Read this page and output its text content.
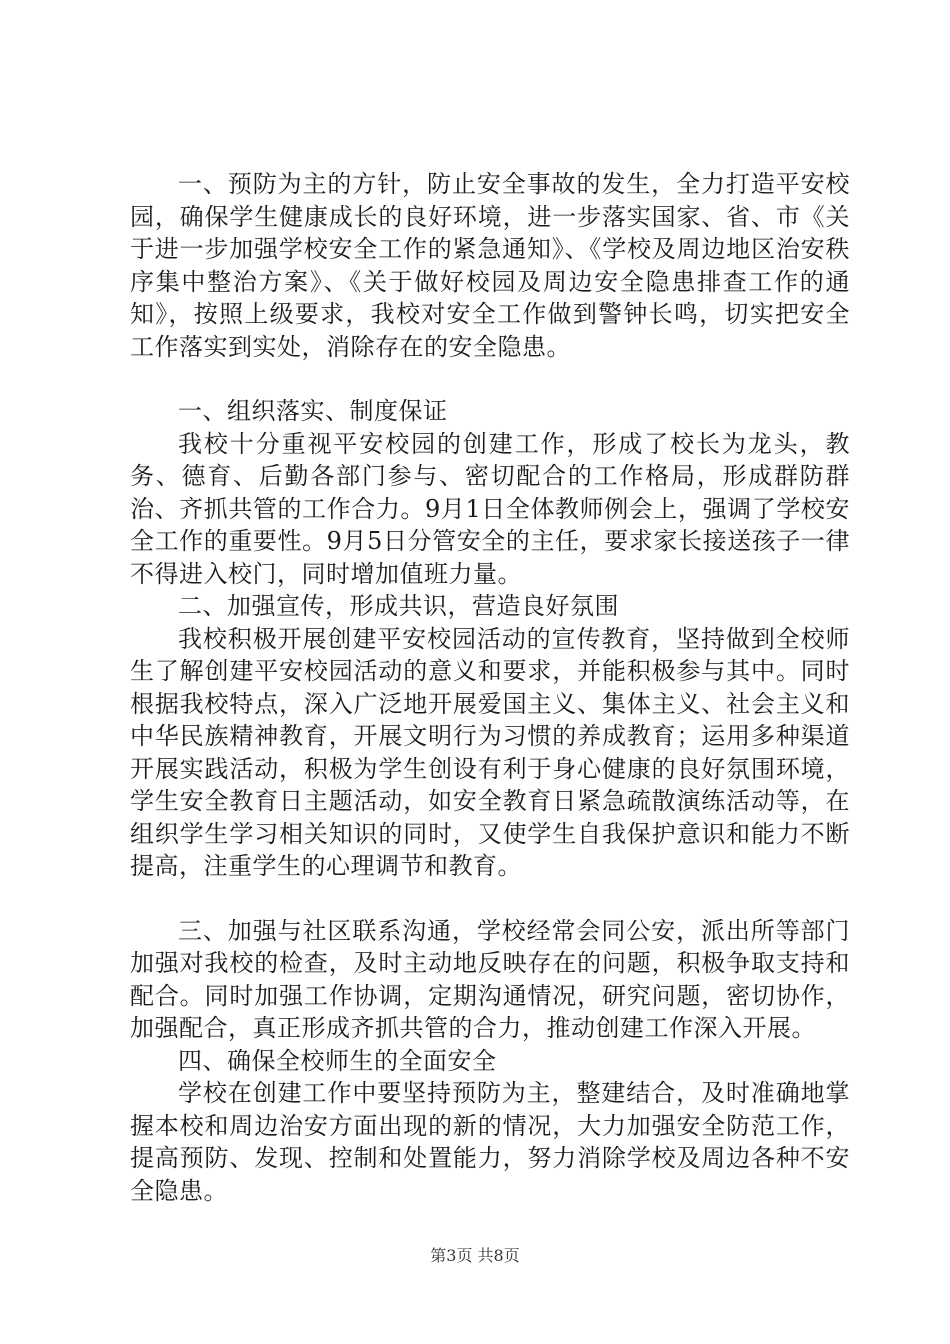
一、预防为主的方针，防止安全事故的发生，全力打造平安校园，确保学生健康成长的良好环境，进一步落实国家、省、市《关于进一步加强学校安全工作的紧急通知》、《学校及周边地区治安秩序集中整治方案》、《关于做好校园及周边安全隐患排查工作的通知》，按照上级要求，我校对安全工作做到警钟长鸣，切实把安全工作落实到实处，消除存在的安全隐患。

一、组织落实、制度保证

我校十分重视平安校园的创建工作，形成了校长为龙头，教务、德育、后勤各部门参与、密切配合的工作格局，形成群防群治、齐抓共管的工作合力。9月1日全体教师例会上，强调了学校安全工作的重要性。9月5日分管安全的主任，要求家长接送孩子一律不得进入校门，同时增加值班力量。

二、加强宣传，形成共识，营造良好氛围

我校积极开展创建平安校园活动的宣传教育，坚持做到全校师生了解创建平安校园活动的意义和要求，并能积极参与其中。同时根据我校特点，深入广泛地开展爱国主义、集体主义、社会主义和中华民族精神教育，开展文明行为习惯的养成教育；运用多种渠道开展实践活动，积极为学生创设有利于身心健康的良好氛围环境，学生安全教育日主题活动，如安全教育日紧急疏散演练活动等，在组织学生学习相关知识的同时，又使学生自我保护意识和能力不断提高，注重学生的心理调节和教育。

三、加强与社区联系沟通，学校经常会同公安，派出所等部门加强对我校的检查，及时主动地反映存在的问题，积极争取支持和配合。同时加强工作协调，定期沟通情况，研究问题，密切协作，加强配合，真正形成齐抓共管的合力，推动创建工作深入开展。

四、确保全校师生的全面安全

学校在创建工作中要坚持预防为主，整建结合，及时准确地掌握本校和周边治安方面出现的新的情况，大力加强安全防范工作，提高预防、发现、控制和处置能力，努力消除学校及周边各种不安全隐患。

第3页 共8页
